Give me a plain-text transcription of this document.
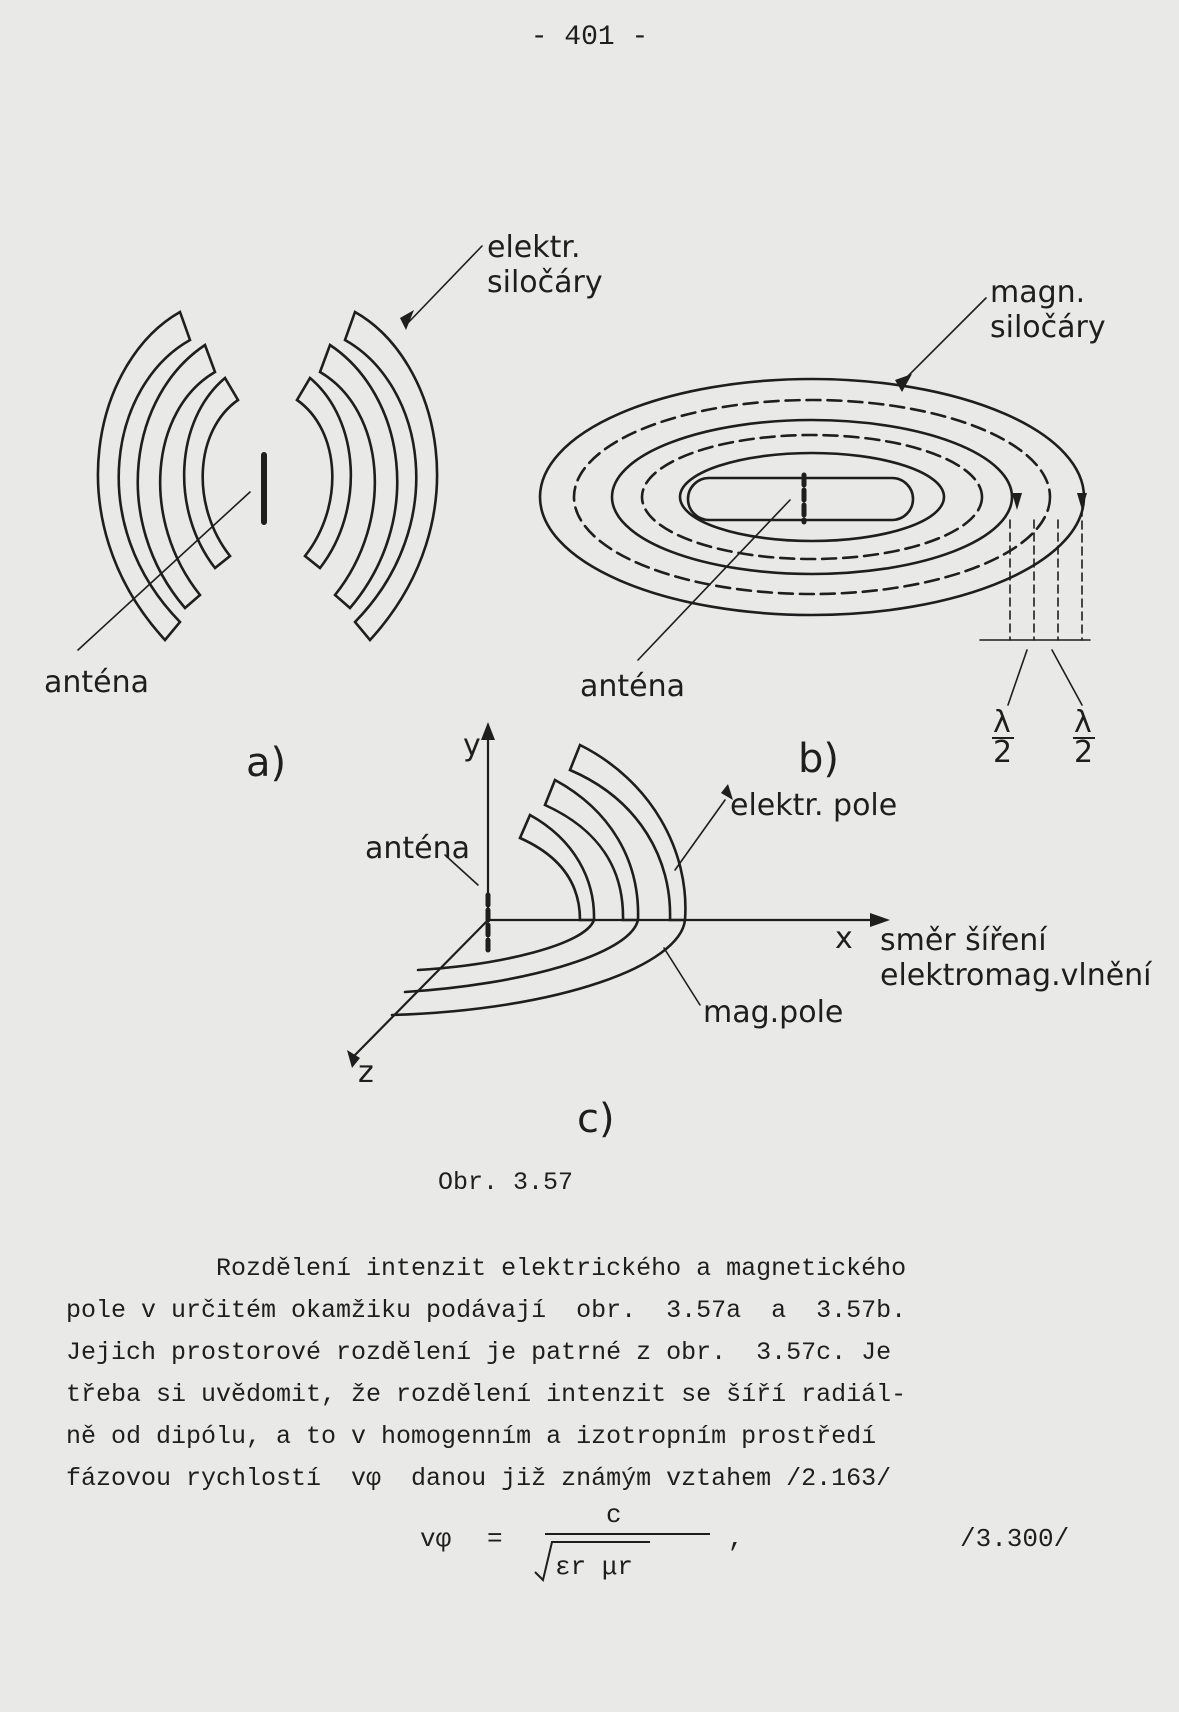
- 401 -
elektr.
siločáry	magn.
siločáry
anténa	anténa
a)	b)
c)
λ
2
λ
2
y
x
z
anténa
elektr. pole
mag.pole
směr šíření
elektromag.vlnění
Obr. 3.57
Rozdělení intenzit elektrického a magnetického
pole v určitém okamžiku podávají  obr.  3.57a  a  3.57b.
Jejich prostorové rozdělení je patrné z obr.  3.57c. Je
třeba si uvědomit, že rozdělení intenzit se šíří radiál-
ně od dipólu, a to v homogenním a izotropním prostředí
fázovou rychlostí  vφ  danou již známým vztahem /2.163/
vφ =
c
εr μr
,	/3.300/
